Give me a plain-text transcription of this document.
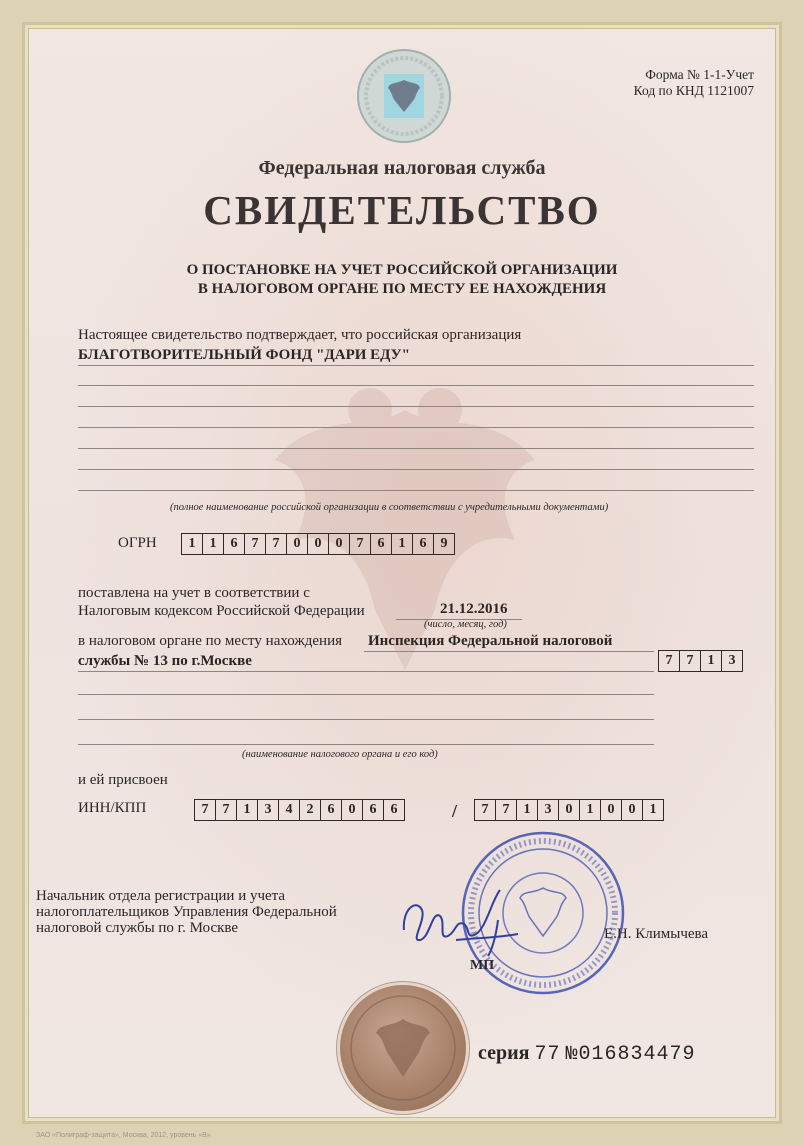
Форма № 1-1-Учет
Код по КНД 1121007
Федеральная налоговая служба
СВИДЕТЕЛЬСТВО
О ПОСТАНОВКЕ НА УЧЕТ РОССИЙСКОЙ ОРГАНИЗАЦИИ
В НАЛОГОВОМ ОРГАНЕ ПО МЕСТУ ЕЕ НАХОЖДЕНИЯ
Настоящее свидетельство подтверждает, что российская организация
БЛАГОТВОРИТЕЛЬНЫЙ ФОНД "ДАРИ ЕДУ"
(полное наименование российской организации в соответствии с учредительными документами)
ОГРН	1	1	6	7	7	0	0	0	7	6	1	6	9
поставлена на учет в соответствии с
Налоговым кодексом Российской Федерации	21.12.2016
(число, месяц, год)
в налоговом органе по месту нахождения Инспекция Федеральной налоговой
службы № 13 по г.Москве	7	7	1	3
(наименование налогового органа и его код)
и ей присвоен
ИНН/КПП	7	7	1	3	4	2	6	0	6	6	/	7	7	1	3	0	1	0	0	1
Начальник отдела регистрации и учета
налогоплательщиков Управления Федеральной
налоговой службы по г. Москве	Е.Н. Климычева
МП
серия 77 №016834479
ЗАО «Полиграф-защита», Москва, 2012, уровень «В»
